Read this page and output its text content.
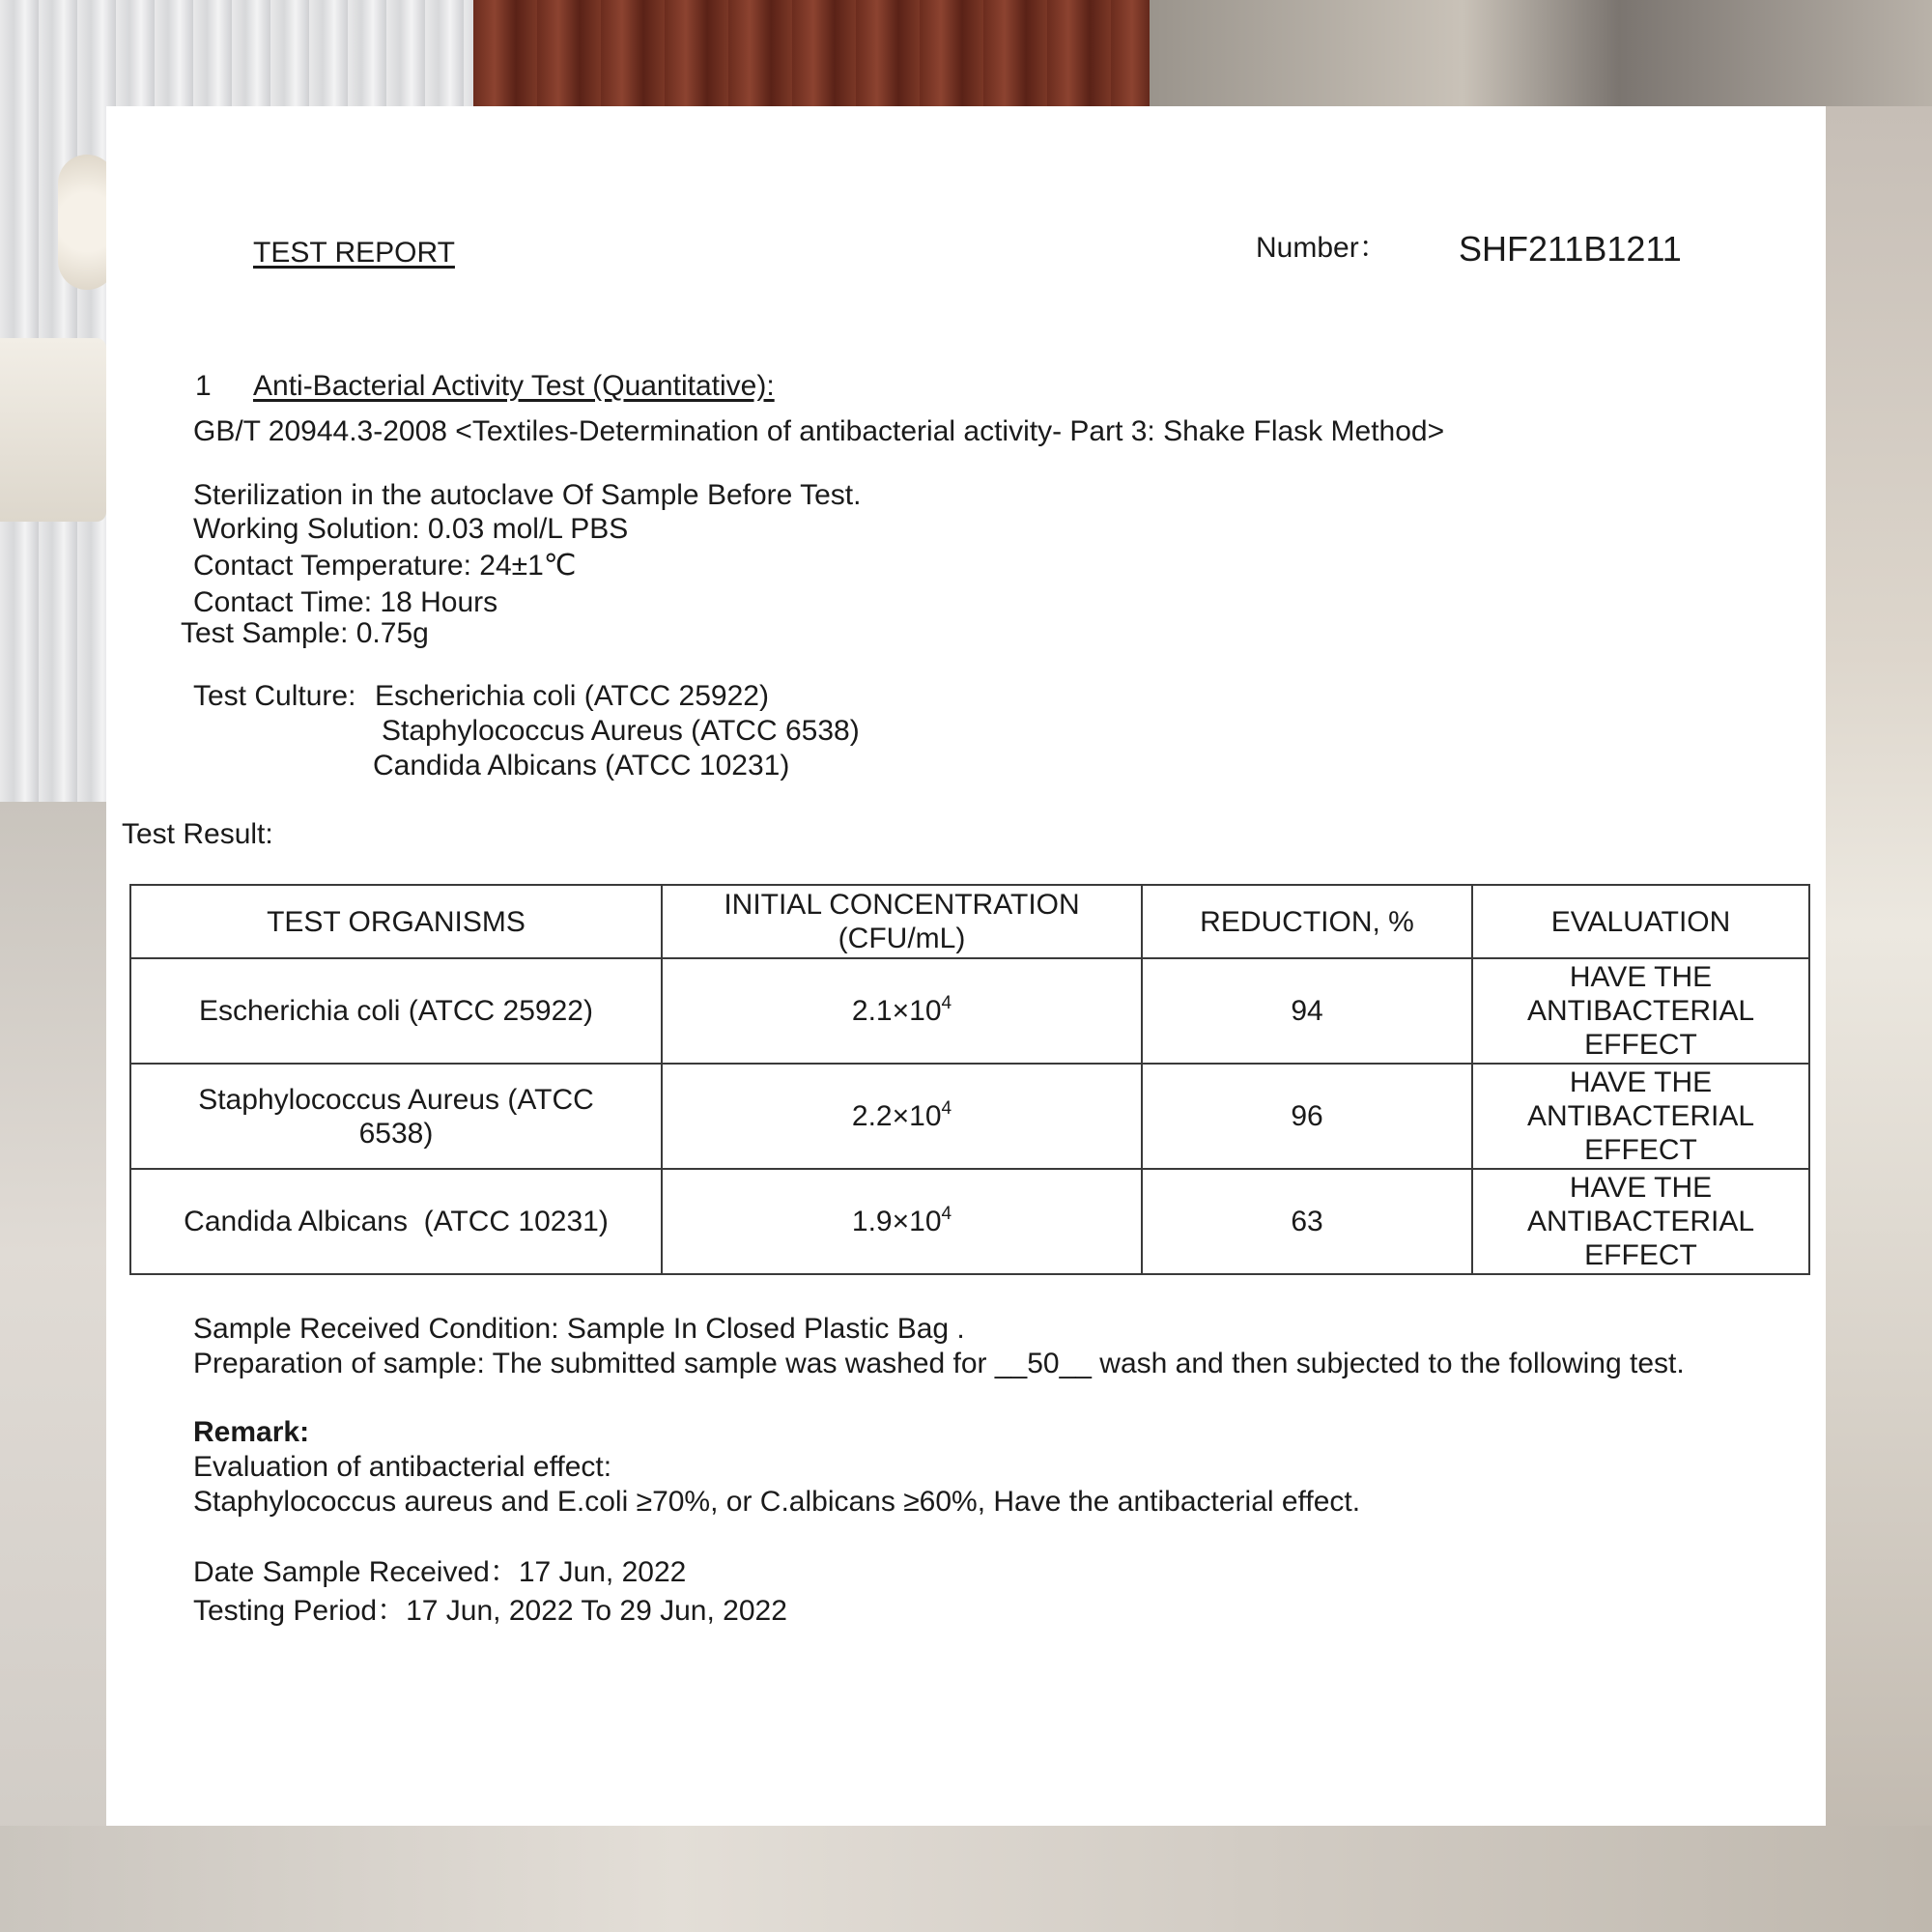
TEST REPORT	Number： SHF211B1211
1 Anti-Bacterial Activity Test (Quantitative):
GB/T 20944.3-2008 <Textiles-Determination of antibacterial activity- Part 3: Shake Flask Method>
Sterilization in the autoclave Of Sample Before Test.
Working Solution: 0.03 mol/L PBS
Contact Temperature: 24±1℃
Contact Time: 18 Hours
Test Sample: 0.75g
Test Culture: Escherichia coli (ATCC 25922)
Staphylococcus Aureus (ATCC 6538)
Candida Albicans (ATCC 10231)
Test Result:
TEST ORGANISMS	INITIAL CONCENTRATION (CFU/mL)	REDUCTION, %	EVALUATION
Escherichia coli (ATCC 25922)	$2.1\times 10^4$	94	HAVE THE ANTIBACTERIAL EFFECT
Staphylococcus Aureus (ATCC 6538)	$2.2\times 10^4$	96	HAVE THE ANTIBACTERIAL EFFECT
Candida Albicans  (ATCC 10231)	$1.9\times 10^4$	63	HAVE THE ANTIBACTERIAL EFFECT
Sample Received Condition: Sample In Closed Plastic Bag .
Preparation of sample: The submitted sample was washed for __50__ wash and then subjected to the following test.
Remark:
Evaluation of antibacterial effect:
Staphylococcus aureus and E.coli ≥70%, or C.albicans ≥60%, Have the antibacterial effect.
Date Sample Received：17 Jun, 2022
Testing Period：17 Jun, 2022 To 29 Jun, 2022
